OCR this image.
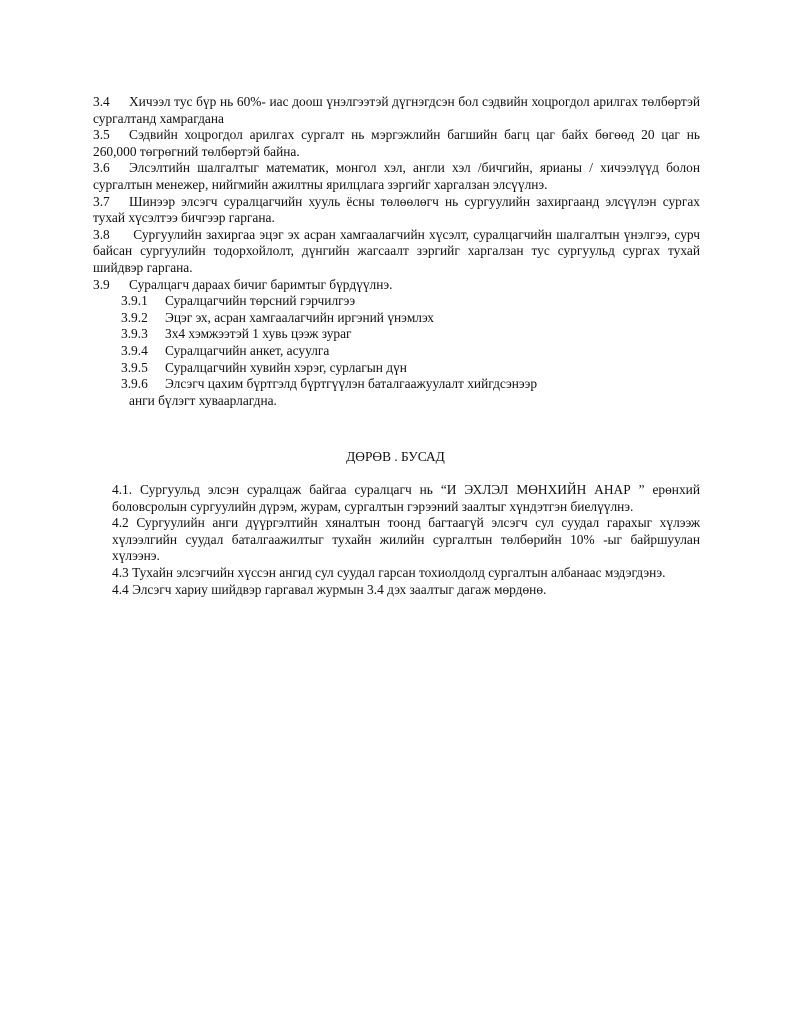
3.4 Хичээл тус бүр нь 60%- иас доош үнэлгээтэй дүгнэгдсэн бол сэдвийн хоцрогдол арилгах төлбөртэй сургалтанд хамрагдана
3.5 Сэдвийн хоцрогдол арилгах сургалт нь мэргэжлийн багшийн багц цаг байх бөгөөд 20 цаг нь 260,000 төгрөгний төлбөртэй байна.
3.6 Элсэлтийн шалгалтыг математик, монгол хэл, англи хэл /бичгийн, ярианы / хичээлүүд болон сургалтын менежер, нийгмийн ажилтны ярилцлага зэргийг харгалзан элсүүлнэ.
3.7 Шинээр элсэгч суралцагчийн хууль ёсны төлөөлөгч нь сургуулийн захиргаанд элсүүлэн сургах тухай хүсэлтээ бичгээр гаргана.
3.8 Сургуулийн захиргаа эцэг эх асран хамгаалагчийн хүсэлт, суралцагчийн шалгалтын үнэлгээ, сурч байсан сургуулийн тодорхойлолт, дүнгийн жагсаалт зэргийг харгалзан тус сургуульд сургах тухай шийдвэр гаргана.
3.9 Суралцагч дараах бичиг баримтыг бүрдүүлнэ.
3.9.1 Суралцагчийн төрсний гэрчилгээ
3.9.2 Эцэг эх, асран хамгаалагчийн иргэний үнэмлэх
3.9.3 3х4 хэмжээтэй 1 хувь цээж зураг
3.9.4 Суралцагчийн анкет, асуулга
3.9.5 Суралцагчийн хувийн хэрэг, сурлагын дүн
3.9.6 Элсэгч цахим бүртгэлд бүртгүүлэн баталгаажуулалт хийгдсэнээр
анги бүлэгт хуваарлагдна.
ДӨРӨВ . БУСАД
4.1. Сургуульд элсэн суралцаж байгаа суралцагч нь “И ЭХЛЭЛ МӨНХИЙН АНАР ” ерөнхий боловсролын сургуулийн дүрэм, журам, сургалтын гэрээний заалтыг хүндэтгэн биелүүлнэ.
4.2 Сургуулийн анги дүүргэлтийн хяналтын тоонд багтаагүй элсэгч сул суудал гарахыг хүлээж хүлээлгийн суудал баталгаажилтыг тухайн жилийн сургалтын төлбөрийн 10% -ыг байршуулан хүлээнэ.
4.3 Тухайн элсэгчийн хүссэн ангид сул суудал гарсан тохиолдолд сургалтын албанаас мэдэгдэнэ.
4.4 Элсэгч хариу шийдвэр гаргавал журмын 3.4 дэх заалтыг дагаж мөрдөнө.
